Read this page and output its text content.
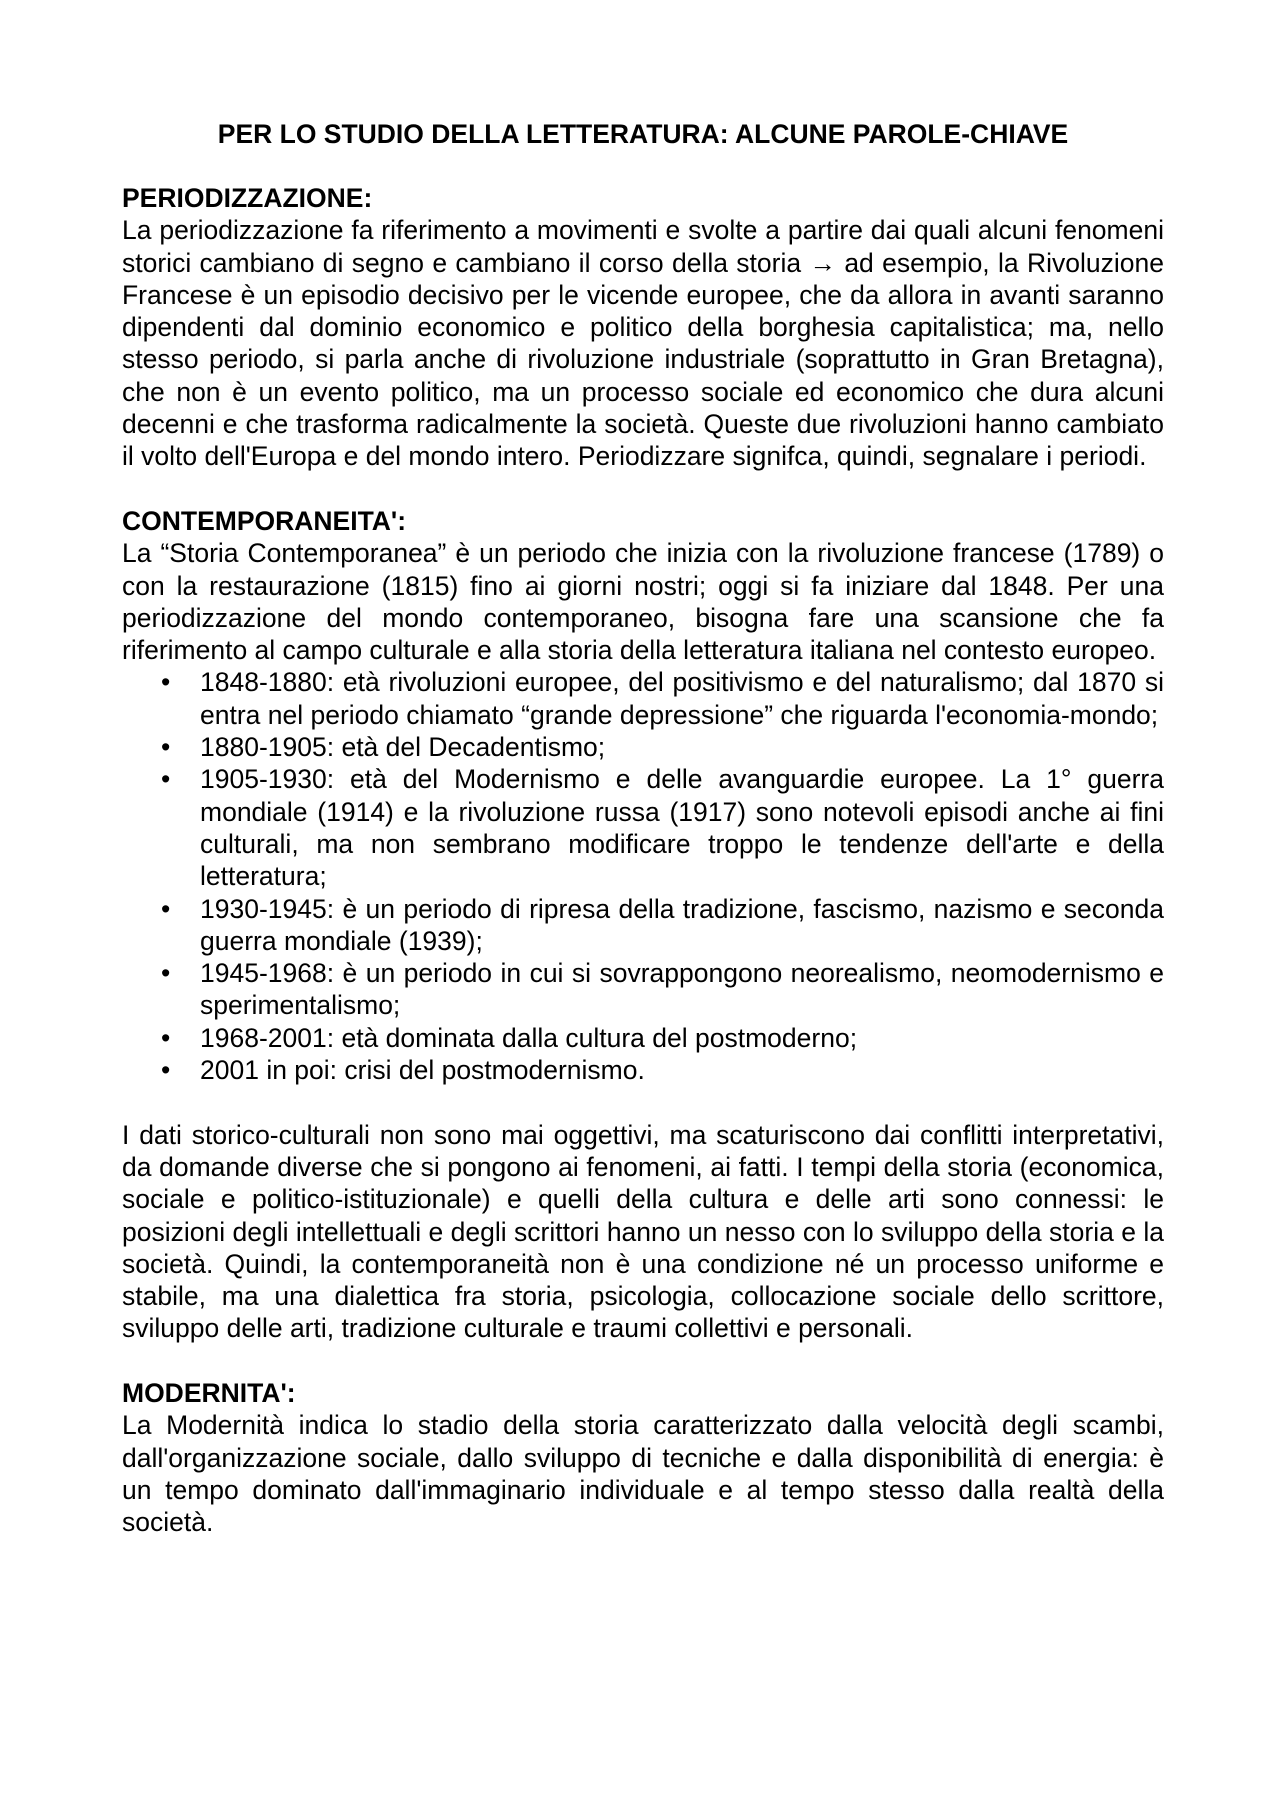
PER LO STUDIO DELLA LETTERATURA: ALCUNE PAROLE-CHIAVE
PERIODIZZAZIONE:

La periodizzazione fa riferimento a movimenti e svolte a partire dai quali alcuni fenomeni storici cambiano di segno e cambiano il corso della storia → ad esempio, la Rivoluzione Francese è un episodio decisivo per le vicende europee, che da allora in avanti saranno dipendenti dal dominio economico e politico della borghesia capitalistica; ma, nello stesso periodo, si parla anche di rivoluzione industriale (soprattutto in Gran Bretagna), che non è un evento politico, ma un processo sociale ed economico che dura alcuni decenni e che trasforma radicalmente la società. Queste due rivoluzioni hanno cambiato il volto dell'Europa e del mondo intero. Periodizzare signifca, quindi, segnalare i periodi.

CONTEMPORANEITA':

La “Storia Contemporanea” è un periodo che inizia con la rivoluzione francese (1789) o con la restaurazione (1815) fino ai giorni nostri; oggi si fa iniziare dal 1848. Per una periodizzazione del mondo contemporaneo, bisogna fare una scansione che fa riferimento al campo culturale e alla storia della letteratura italiana nel contesto europeo.

• 1848-1880: età rivoluzioni europee, del positivismo e del naturalismo; dal 1870 si entra nel periodo chiamato “grande depressione” che riguarda l'economia-mondo;
• 1880-1905: età del Decadentismo;
• 1905-1930: età del Modernismo e delle avanguardie europee. La 1° guerra mondiale (1914) e la rivoluzione russa (1917) sono notevoli episodi anche ai fini culturali, ma non sembrano modificare troppo le tendenze dell'arte e della letteratura;
• 1930-1945: è un periodo di ripresa della tradizione, fascismo, nazismo e seconda guerra mondiale (1939);
• 1945-1968: è un periodo in cui si sovrappongono neorealismo, neomodernismo e sperimentalismo;
• 1968-2001: età dominata dalla cultura del postmoderno;
• 2001 in poi: crisi del postmodernismo.

I dati storico-culturali non sono mai oggettivi, ma scaturiscono dai conflitti interpretativi, da domande diverse che si pongono ai fenomeni, ai fatti. I tempi della storia (economica, sociale e politico-istituzionale) e quelli della cultura e delle arti sono connessi: le posizioni degli intellettuali e degli scrittori hanno un nesso con lo sviluppo della storia e la società. Quindi, la contemporaneità non è una condizione né un processo uniforme e stabile, ma una dialettica fra storia, psicologia, collocazione sociale dello scrittore, sviluppo delle arti, tradizione culturale e traumi collettivi e personali.

MODERNITA':

La Modernità indica lo stadio della storia caratterizzato dalla velocità degli scambi, dall'organizzazione sociale, dallo sviluppo di tecniche e dalla disponibilità di energia: è un tempo dominato dall'immaginario individuale e al tempo stesso dalla realtà della società.
